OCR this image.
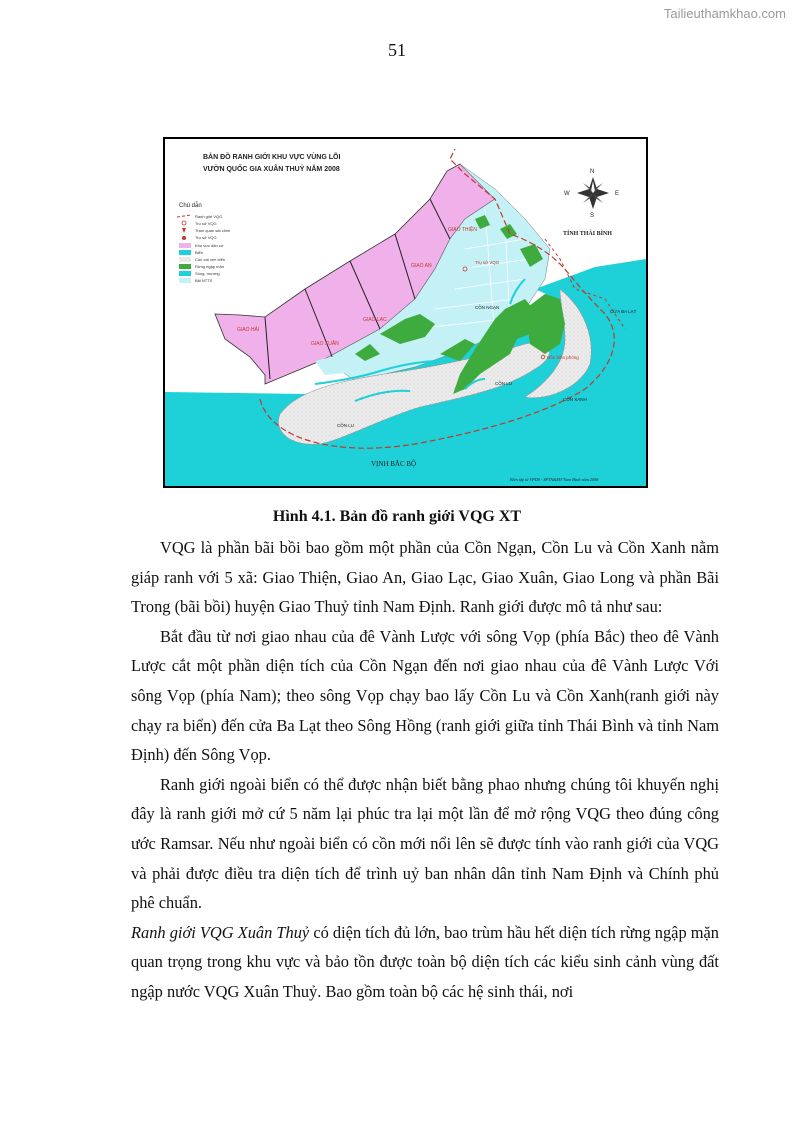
Tailieuthamkhao.com
51
BẢN ĐỒ RANH GIỚI KHU VỰC VÙNG LÕI
VƯỜN QUỐC GIA XUÂN THUỶ NĂM 2008
Chú dẫn
Ranh giới VQG
Trụ sở VQG
Trạm quan sát chim
Trụ sở VQG
Khu vực dân cư
Biển
Cồn cát ven biển
Rừng ngập mặn
Sông, mương
Bãi NTTS
N
S
E
W
TỈNH THÁI BÌNH
GIAO THIỆN
GIAO AN
GIAO LẠC
GIAO XUÂN
GIAO HẢI
Trụ sở VQG
CỒN NGẠN
CỬA BA LẠT
Đồn biên phòng
CỒN LU
CỒN LU
CỒN XANH
VỊNH BẮC BỘ
Biên tập từ VPDS - SPTN&MT Nam Định năm 2008
Hình 4.1. Bản đồ ranh giới VQG XT

VQG là phần bãi bồi bao gồm một phần của Cồn Ngạn, Cồn Lu và Cồn Xanh nằm giáp ranh với 5 xã: Giao Thiện, Giao An, Giao Lạc, Giao Xuân, Giao Long và phần Bãi Trong (bãi bồi) huyện Giao Thuỷ tỉnh Nam Định. Ranh giới được mô tả như sau:

Bắt đầu từ nơi giao nhau của đê Vành Lược với sông Vọp (phía Bắc) theo đê Vành Lược cắt một phần diện tích của Cồn Ngạn đến nơi giao nhau của đê Vành Lược Với sông Vọp (phía Nam); theo sông Vọp chạy bao lấy Cồn Lu và Cồn Xanh(ranh giới này chạy ra biển) đến cửa Ba Lạt theo Sông Hồng (ranh giới giữa tỉnh Thái Bình và tỉnh Nam Định) đến Sông Vọp.

Ranh giới ngoài biển có thể được nhận biết bằng phao nhưng chúng tôi khuyến nghị đây là ranh giới mở cứ 5 năm lại phúc tra lại một lần để mở rộng VQG theo đúng công ước Ramsar. Nếu như ngoài biển có cồn mới nổi lên sẽ được tính vào ranh giới của VQG và phải được điều tra diện tích để trình uỷ ban nhân dân tỉnh Nam Định và Chính phủ phê chuẩn.

Ranh giới VQG Xuân Thuỷ có diện tích đủ lớn, bao trùm hầu hết diện tích rừng ngập mặn quan trọng trong khu vực và bảo tồn được toàn bộ diện tích các kiểu sinh cảnh vùng đất ngập nước VQG Xuân Thuỷ. Bao gồm toàn bộ các hệ sinh thái, nơi
